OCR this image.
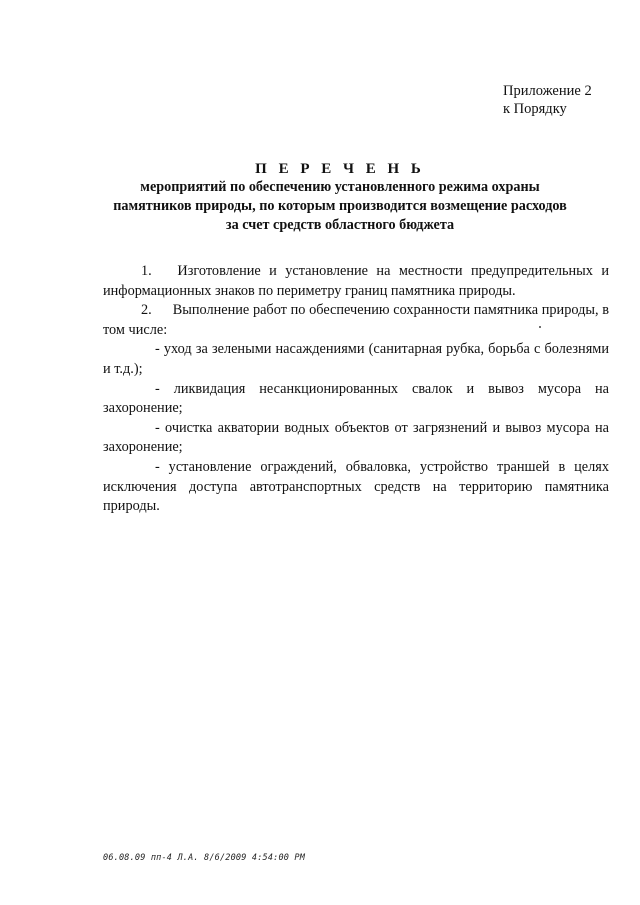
Приложение 2
к Порядку
П Е Р Е Ч Е Н Ь
мероприятий по обеспечению установленного режима охраны
памятников природы, по которым производится возмещение расходов
за счет средств областного бюджета

1. Изготовление и установление на местности предупредительных и информационных знаков по периметру границ памятника природы.

2. Выполнение работ по обеспечению сохранности памятника природы, в том числе:

- уход за зелеными насаждениями (санитарная рубка, борьба с болезнями и т.д.);

- ликвидация несанкционированных свалок и вывоз мусора на захоронение;

- очистка акватории водных объектов от загрязнений и вывоз мусора на захоронение;

- установление ограждений, обваловка, устройство траншей в целях исключения доступа автотранспортных средств на территорию памятника природы.

06.08.09 пп-4 Л.А. 8/6/2009 4:54:00 PM
